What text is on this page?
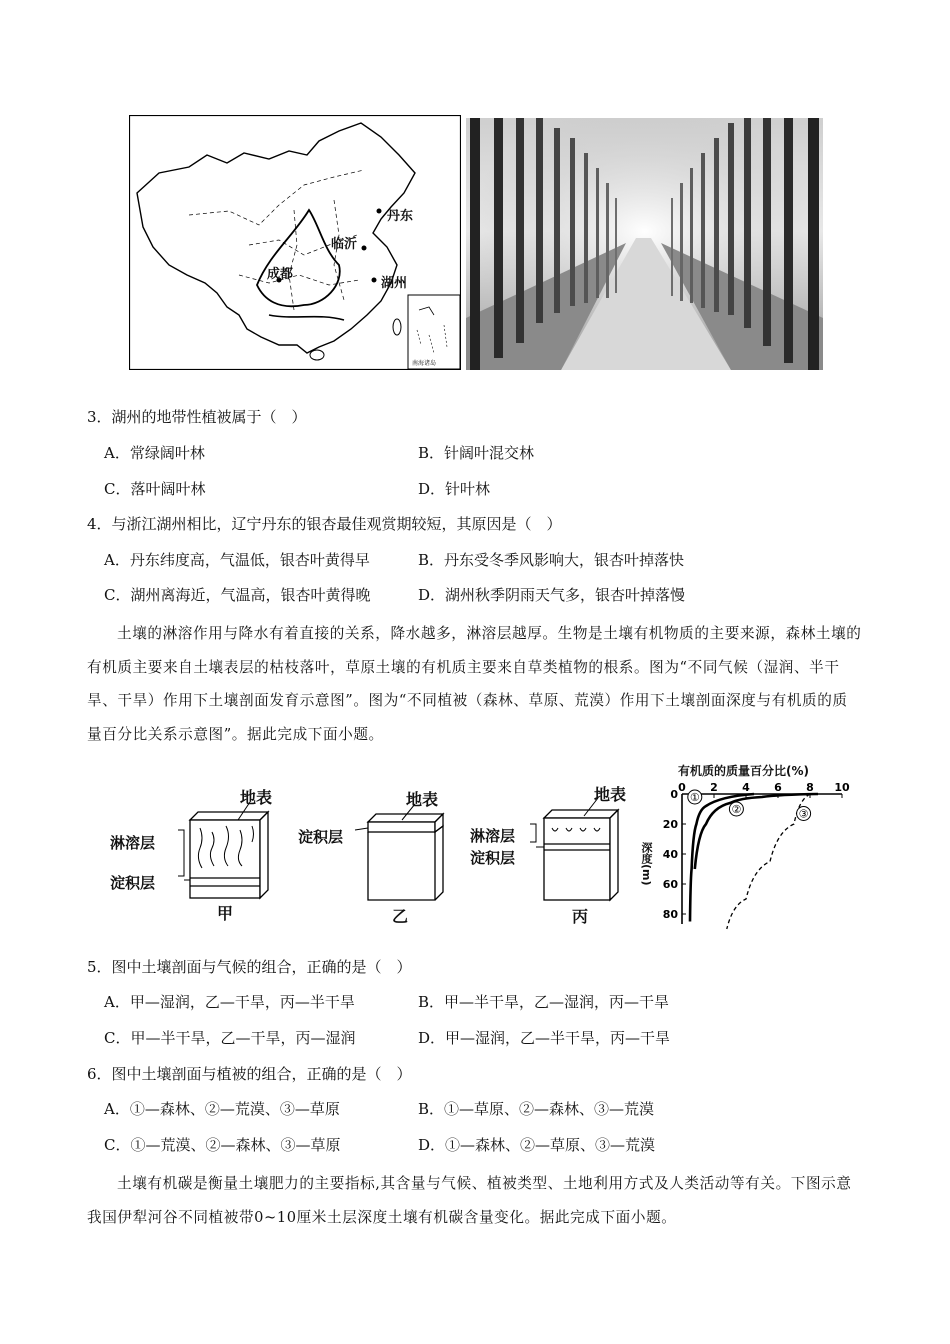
丹东
临沂
成都
湖州
南海诸岛
3．湖州的地带性植被属于（　）
A．常绿阔叶林	B．针阔叶混交林
C．落叶阔叶林	D．针叶林
4．与浙江湖州相比，辽宁丹东的银杏最佳观赏期较短，其原因是（　）
A．丹东纬度高，气温低，银杏叶黄得早	B．丹东受冬季风影响大，银杏叶掉落快
C．湖州离海近，气温高，银杏叶黄得晚	D．湖州秋季阴雨天气多，银杏叶掉落慢
土壤的淋溶作用与降水有着直接的关系，降水越多，淋溶层越厚。生物是土壤有机物质的主要来源，森林土壤的有机质主要来自土壤表层的枯枝落叶，草原土壤的有机质主要来自草类植物的根系。图为“不同气候（湿润、半干旱、干旱）作用下土壤剖面发育示意图”。图为“不同植被（森林、草原、荒漠）作用下土壤剖面深度与有机质的质量百分比关系示意图”。据此完成下面小题。
地表
淋溶层
淀积层
甲
地表
淀积层
乙
地表
淋溶层
淀积层
丙
有机质的质量百分比(%)
深度(m)
0 2 4 6 8 10
0
20
40
60
80
①
②	③
5．图中土壤剖面与气候的组合，正确的是（　）
A．甲—湿润，乙—干旱，丙—半干旱	B．甲—半干旱，乙—湿润，丙—干旱
C．甲—半干旱，乙—干旱，丙—湿润	D．甲—湿润，乙—半干旱，丙—干旱
6．图中土壤剖面与植被的组合，正确的是（　）
A．①—森林、②—荒漠、③—草原	B．①—草原、②—森林、③—荒漠
C．①—荒漠、②—森林、③—草原	D．①—森林、②—草原、③—荒漠
土壤有机碳是衡量土壤肥力的主要指标,其含量与气候、植被类型、土地利用方式及人类活动等有关。下图示意我国伊犁河谷不同植被带0~10厘米土层深度土壤有机碳含量变化。据此完成下面小题。
